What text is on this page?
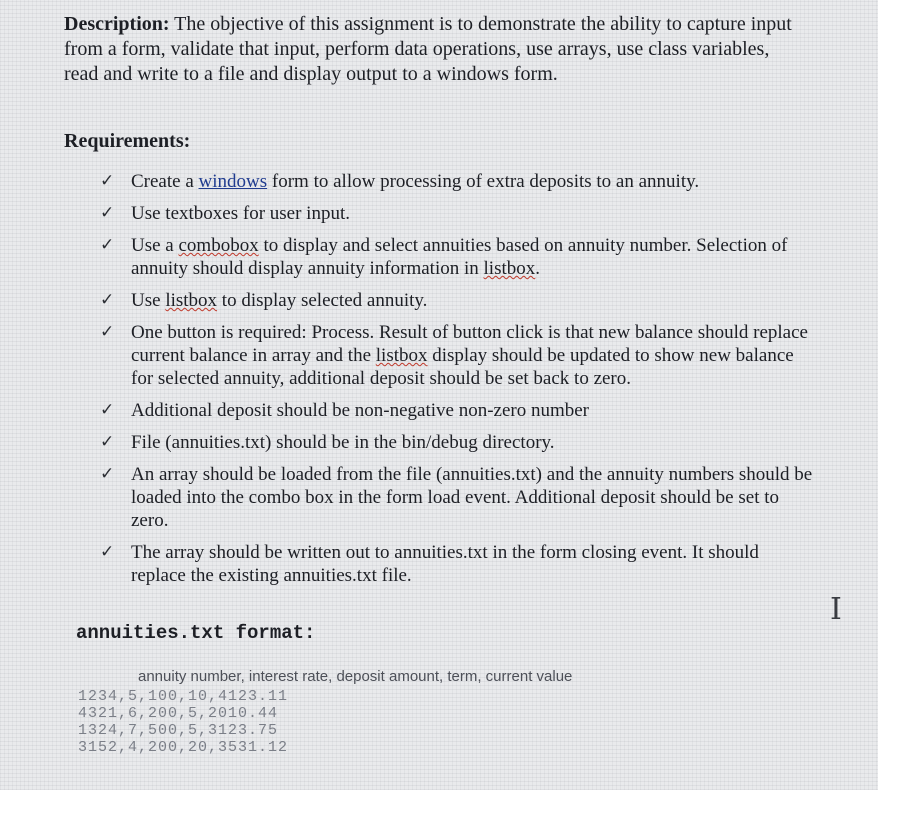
Description: The objective of this assignment is to demonstrate the ability to capture input from a form, validate that input, perform data operations, use arrays, use class variables, read and write to a file and display output to a windows form.
Requirements:
✓ Create a windows form to allow processing of extra deposits to an annuity.
✓ Use textboxes for user input.
✓ Use a combobox to display and select annuities based on annuity number. Selection of annuity should display annuity information in listbox.
✓ Use listbox to display selected annuity.
✓ One button is required: Process. Result of button click is that new balance should replace current balance in array and the listbox display should be updated to show new balance for selected annuity, additional deposit should be set back to zero.
✓ Additional deposit should be non-negative non-zero number
✓ File (annuities.txt) should be in the bin/debug directory.
✓ An array should be loaded from the file (annuities.txt) and the annuity numbers should be loaded into the combo box in the form load event. Additional deposit should be set to zero.
✓ The array should be written out to annuities.txt in the form closing event. It should replace the existing annuities.txt file.
annuities.txt format:
annuity number, interest rate, deposit amount, term, current value
1234,5,100,10,4123.11
4321,6,200,5,2010.44
1324,7,500,5,3123.75
3152,4,200,20,3531.12
I
